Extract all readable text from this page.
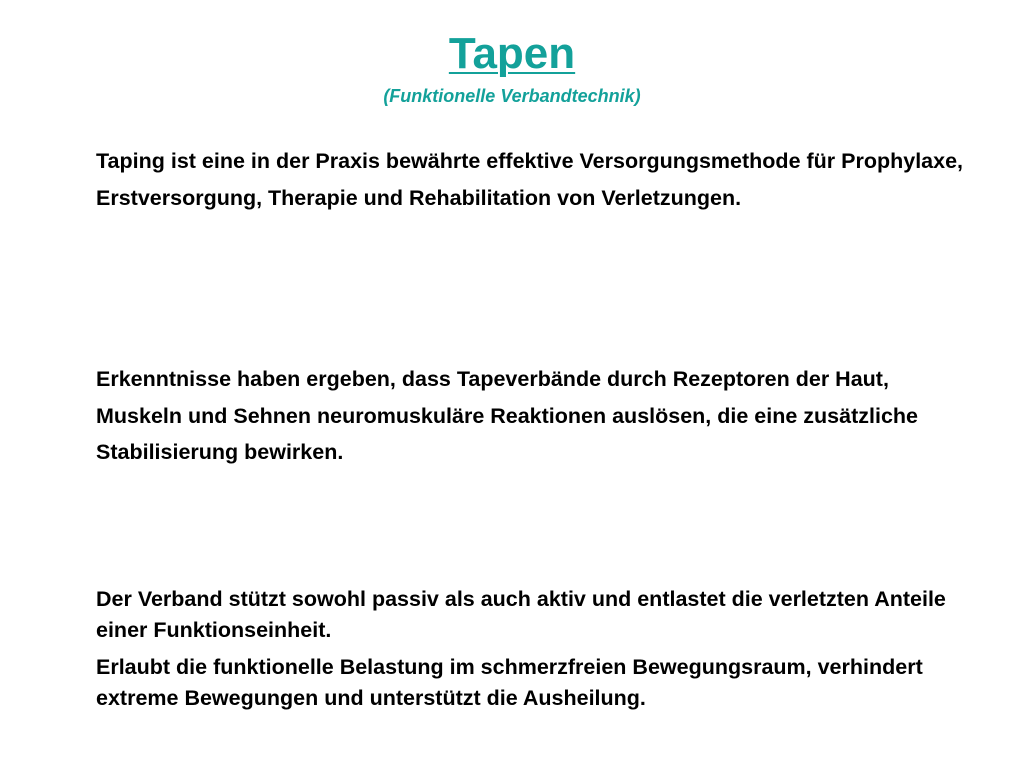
Tapen
(Funktionelle Verbandtechnik)

Taping ist eine in der Praxis bewährte effektive Versorgungsmethode für Prophylaxe, Erstversorgung, Therapie und Rehabilitation von Verletzungen.

Erkenntnisse haben ergeben, dass Tapeverbände durch Rezeptoren der Haut, Muskeln und Sehnen neuromuskuläre Reaktionen auslösen, die eine zusätzliche Stabilisierung bewirken.

Der Verband stützt sowohl passiv als auch aktiv und entlastet die verletzten Anteile einer Funktionseinheit.

Erlaubt die funktionelle Belastung im schmerzfreien Bewegungsraum, verhindert extreme Bewegungen und unterstützt die Ausheilung.
